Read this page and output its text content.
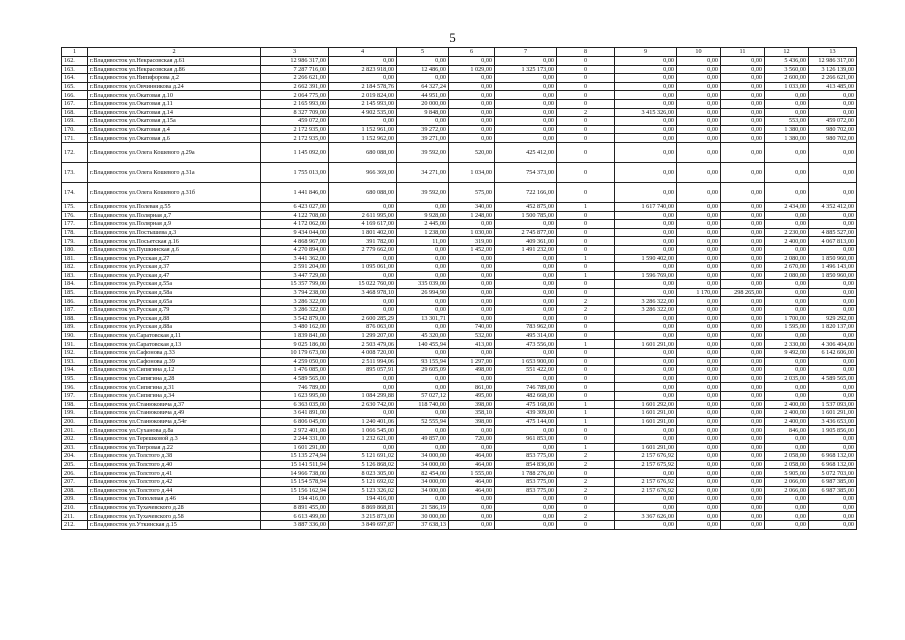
5
1	2	3	4	5	6	7	8	9	10	11	12	13
162.	г.Владивосток ул.Некрасовская д.61	12 986 317,00	0,00	0,00	0,00	0,00	0	0,00	0,00	0,00	5 436,00	12 986 317,00
163.	г.Владивосток ул.Некрасовская д.86	7 287 716,00	2 823 918,00	12 486,00	1 029,00	1 325 173,00	0	0,00	0,00	0,00	3 560,00	3 126 139,00
164.	г.Владивосток ул.Нипифорова д.2	2 266 621,00	0,00	0,00	0,00	0,00	0	0,00	0,00	0,00	2 600,00	2 266 621,00
165.	г.Владивосток ул.Овчинникова д.24	2 662 391,00	2 184 578,76	64 327,24	0,00	0,00	0	0,00	0,00	0,00	1 033,00	413 485,00
166.	г.Владивосток ул.Окатовая д.10	2 064 775,00	2 019 824,00	44 951,00	0,00	0,00	0	0,00	0,00	0,00	0,00	0,00
167.	г.Владивосток ул.Окатовая д.11	2 165 993,00	2 145 993,00	20 000,00	0,00	0,00	0	0,00	0,00	0,00	0,00	0,00
168.	г.Владивосток ул.Окатовая д.14	8 327 709,00	4 902 535,00	9 848,00	0,00	0,00	2	3 415 326,00	0,00	0,00	0,00	0,00
169.	г.Владивосток ул.Окатовая д.15а	459 072,00	0,00	0,00	0,00	0,00	0	0,00	0,00	0,00	553,00	459 072,00
170.	г.Владивосток ул.Окатовая д.4	2 172 935,00	1 152 961,00	39 272,00	0,00	0,00	0	0,00	0,00	0,00	1 380,00	980 702,00
171.	г.Владивосток ул.Окатовая д.6	2 172 935,00	1 152 962,00	39 271,00	0,00	0,00	0	0,00	0,00	0,00	1 380,00	980 702,00
172.	г.Владивосток ул.Олега Кошевого д.29а	1 145 092,00	680 088,00	39 592,00	520,00	425 412,00	0	0,00	0,00	0,00	0,00	0,00
173.	г.Владивосток ул.Олега Кошевого д.31а	1 755 013,00	966 369,00	34 271,00	1 034,00	754 373,00	0	0,00	0,00	0,00	0,00	0,00
174.	г.Владивосток ул.Олега Кошевого д.31б	1 441 846,00	680 088,00	39 592,00	575,00	722 166,00	0	0,00	0,00	0,00	0,00	0,00
175.	г.Владивосток ул.Полевая д.55	6 423 027,00	0,00	0,00	340,00	452 875,00	1	1 617 740,00	0,00	0,00	2 434,00	4 352 412,00
176.	г.Владивосток ул.Полярная д.7	4 122 708,00	2 611 995,00	9 928,00	1 248,00	1 500 785,00	0	0,00	0,00	0,00	0,00	0,00
177.	г.Владивосток ул.Полярная д.9	4 172 062,00	4 169 617,00	2 445,00	0,00	0,00	0	0,00	0,00	0,00	0,00	0,00
178.	г.Владивосток ул.Постышева д.3	9 434 044,00	1 801 402,00	1 238,00	1 030,00	2 745 877,00	0	0,00	0,00	0,00	2 230,00	4 885 527,00
179.	г.Владивосток ул.Посьетская д.16	4 868 967,00	391 782,00	11,00	319,00	409 361,00	0	0,00	0,00	0,00	2 400,00	4 067 813,00
180.	г.Владивосток ул.Пушкинская д.6	4 270 894,00	2 779 662,00	0,00	1 452,00	1 491 232,00	0	0,00	0,00	0,00	0,00	0,00
181.	г.Владивосток ул.Русская д.27	3 441 362,00	0,00	0,00	0,00	0,00	1	1 590 402,00	0,00	0,00	2 080,00	1 850 960,00
182.	г.Владивосток ул.Русская д.37	2 591 204,00	1 095 061,00	0,00	0,00	0,00	0	0,00	0,00	0,00	2 670,00	1 496 143,00
183.	г.Владивосток ул.Русская д.47	3 447 729,00	0,00	0,00	0,00	0,00	1	1 596 769,00	0,00	0,00	2 080,00	1 850 960,00
184.	г.Владивосток ул.Русская д.55а	15 357 799,00	15 022 760,00	335 039,00	0,00	0,00	0	0,00	0,00	0,00	0,00	0,00
185.	г.Владивосток ул.Русская д.58а	3 794 238,00	3 468 978,10	26 994,90	0,00	0,00	0	0,00	1 170,00	298 265,00	0,00	0,00
186.	г.Владивосток ул.Русская д.65а	3 286 322,00	0,00	0,00	0,00	0,00	2	3 286 322,00	0,00	0,00	0,00	0,00
187.	г.Владивосток ул.Русская д.79	3 286 322,00	0,00	0,00	0,00	0,00	2	3 286 322,00	0,00	0,00	0,00	0,00
188.	г.Владивосток ул.Русская д.88	3 542 879,00	2 600 285,29	13 301,71	0,00	0,00	0	0,00	0,00	0,00	1 700,00	929 292,00
189.	г.Владивосток ул.Русская д.88а	3 480 162,00	876 063,00	0,00	740,00	783 962,00	0	0,00	0,00	0,00	1 595,00	1 820 137,00
190.	г.Владивосток ул.Саратовская д.11	1 839 841,00	1 299 207,00	45 320,00	532,00	495 314,00	0	0,00	0,00	0,00	0,00	0,00
191.	г.Владивосток ул.Саратовская д.13	9 025 186,00	2 503 479,06	140 455,94	413,00	473 556,00	1	1 601 291,00	0,00	0,00	2 330,00	4 306 404,00
192.	г.Владивосток ул.Сафонова д.33	10 179 673,00	4 008 720,00	0,00	0,00	0,00	0	0,00	0,00	0,00	9 492,00	6 142 606,00
193.	г.Владивосток ул.Сафонова д.39	4 259 050,00	2 511 994,06	93 155,94	1 297,00	1 653 900,00	0	0,00	0,00	0,00	0,00	0,00
194.	г.Владивосток ул.Сипягина д.12	1 476 085,00	895 057,91	29 605,09	498,00	551 422,00	0	0,00	0,00	0,00	0,00	0,00
195.	г.Владивосток ул.Сипягина д.28	4 589 565,00	0,00	0,00	0,00	0,00	0	0,00	0,00	0,00	2 035,00	4 589 565,00
196.	г.Владивосток ул.Сипягина д.31	746 789,00	0,00	0,00	861,00	746 789,00	0	0,00	0,00	0,00	0,00	0,00
197.	г.Владивосток ул.Сипягина д.34	1 623 995,00	1 084 299,88	57 027,12	495,00	482 668,00	0	0,00	0,00	0,00	0,00	0,00
198.	г.Владивосток ул.Станюковича д.37	6 363 035,00	2 630 742,00	118 740,00	398,00	475 168,00	1	1 601 292,00	0,00	0,00	2 400,00	1 537 093,00
199.	г.Владивосток ул.Станюковича д.49	3 641 891,00	0,00	0,00	358,10	439 309,00	1	1 601 291,00	0,00	0,00	2 400,00	1 601 291,00
200.	г.Владивосток ул.Станюковича д.54г	6 806 045,00	1 240 401,06	52 555,94	398,00	475 144,00	1	1 601 291,00	0,00	0,00	2 400,00	3 436 653,00
201.	г.Владивосток ул.Суханова д.8а	2 972 401,00	1 066 545,00	0,00	0,00	0,00	0	0,00	0,00	0,00	846,00	1 905 856,00
202.	г.Владивосток ул.Терешковой д.3	2 244 331,00	1 232 621,00	49 857,00	720,00	961 853,00	0	0,00	0,00	0,00	0,00	0,00
203.	г.Владивосток ул.Тигровая д.22	1 601 291,00	0,00	0,00	0,00	0,00	1	1 601 291,00	0,00	0,00	0,00	0,00
204.	г.Владивосток ул.Толстого д.38	15 135 274,94	5 121 691,02	34 000,00	464,00	853 775,00	2	2 157 676,92	0,00	0,00	2 058,00	6 968 132,00
205.	г.Владивосток ул.Толстого д.40	15 141 511,94	5 126 868,02	34 000,00	464,00	854 836,00	2	2 157 675,92	0,00	0,00	2 058,00	6 968 132,00
206.	г.Владивосток ул.Толстого д.41	14 966 738,00	8 023 305,00	82 454,00	1 555,00	1 788 276,00	0	0,00	0,00	0,00	5 905,00	5 072 703,00
207.	г.Владивосток ул.Толстого д.42	15 154 578,94	5 121 692,02	34 000,00	464,00	853 775,00	2	2 157 676,92	0,00	0,00	2 066,00	6 987 385,00
208.	г.Владивосток ул.Толстого д.44	15 156 162,94	5 123 326,02	34 000,00	464,00	853 775,00	2	2 157 676,92	0,00	0,00	2 066,00	6 987 385,00
209.	г.Владивосток ул.Тополевая д.46	194 416,00	194 416,00	0,00	0,00	0,00	0	0,00	0,00	0,00	0,00	0,00
210.	г.Владивосток ул.Тухачевского д.28	8 891 455,00	8 869 868,81	21 586,19	0,00	0,00	0	0,00	0,00	0,00	0,00	0,00
211.	г.Владивосток ул.Тухачевского д.58	6 613 499,00	3 215 873,00	30 000,00	0,00	0,00	2	3 367 626,00	0,00	0,00	0,00	0,00
212.	г.Владивосток ул.Уткинская д.15	3 887 336,00	3 849 697,87	37 638,13	0,00	0,00	0	0,00	0,00	0,00	0,00	0,00
